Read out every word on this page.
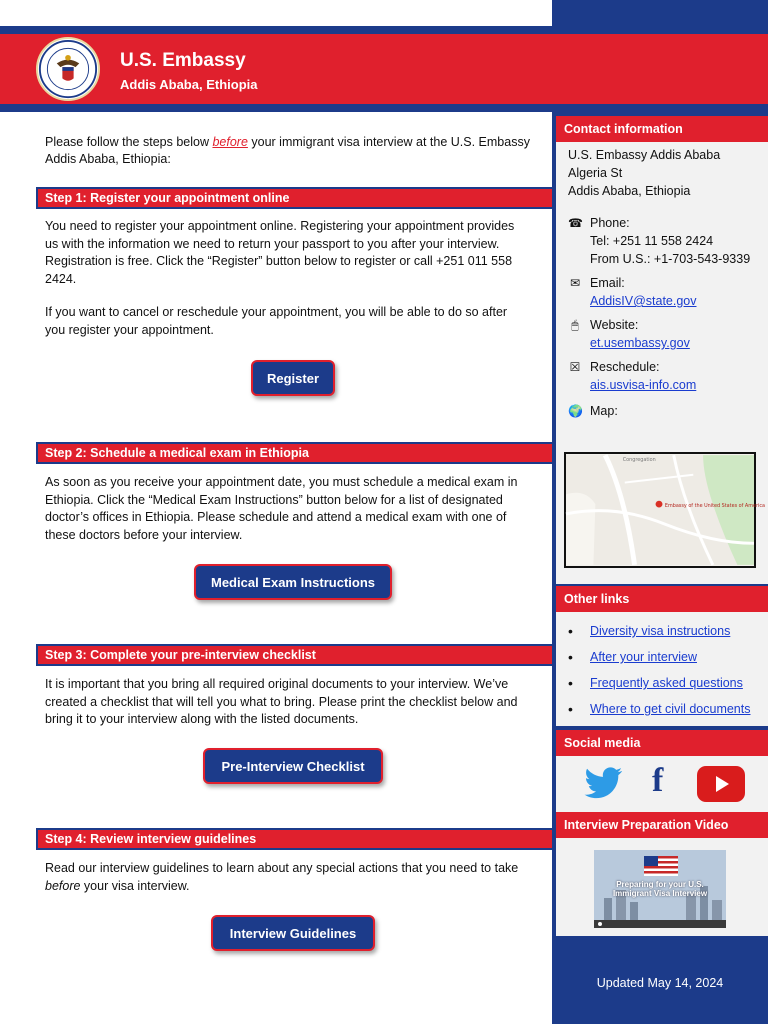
U.S. Embassy
Addis Ababa, Ethiopia
Please follow the steps below before your immigrant visa interview at the U.S. Embassy Addis Ababa, Ethiopia:
Step 1: Register your appointment online
You need to register your appointment online. Registering your appointment provides us with the information we need to return your passport to you after your interview. Registration is free. Click the “Register” button below to register or call +251 011 558 2424.
If you want to cancel or reschedule your appointment, you will be able to do so after you register your appointment.
Register
Step 2: Schedule a medical exam in Ethiopia
As soon as you receive your appointment date, you must schedule a medical exam in Ethiopia. Click the “Medical Exam Instructions” button below for a list of designated doctor’s offices in Ethiopia. Please schedule and attend a medical exam with one of these doctors before your interview.
Medical Exam Instructions
Step 3: Complete your pre-interview checklist
It is important that you bring all required original documents to your interview. We’ve created a checklist that will tell you what to bring. Please print the checklist below and bring it to your interview along with the listed documents.
Pre-Interview Checklist
Step 4: Review interview guidelines
Read our interview guidelines to learn about any special actions that you need to take before your visa interview.
Interview Guidelines
Contact information
U.S. Embassy Addis Ababa
Algeria St
Addis Ababa, Ethiopia
☎ Phone:
Tel: +251 11 558 2424
From U.S.: +1-703-543-9339
✉ Email:
AddisIV@state.gov
🖱 Website:
et.usembassy.gov
☒ Reschedule:
ais.usvisa-info.com
🌍 Map:
Embassy of the United States of America
Congregation
Other links
• Diversity visa instructions
• After your interview
• Frequently asked questions
• Where to get civil documents
Social media
f
Interview Preparation Video
Preparing for your U.S. Immigrant Visa Interview
Updated May 14, 2024
